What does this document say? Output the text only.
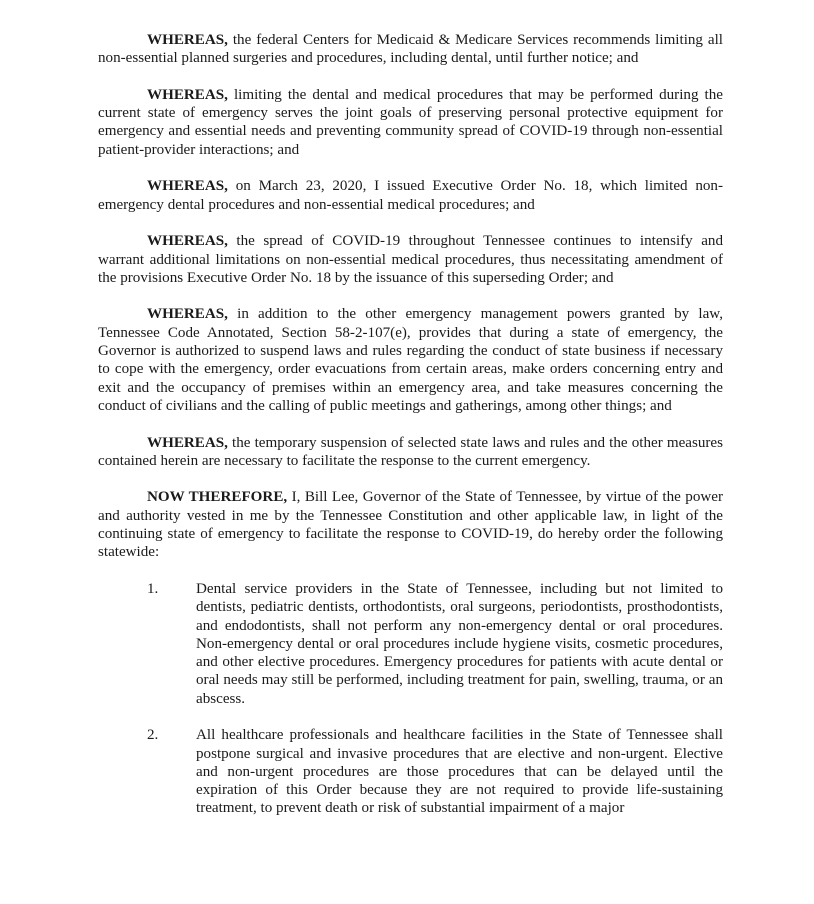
WHEREAS, the federal Centers for Medicaid & Medicare Services recommends limiting all non-essential planned surgeries and procedures, including dental, until further notice; and

WHEREAS, limiting the dental and medical procedures that may be performed during the current state of emergency serves the joint goals of preserving personal protective equipment for emergency and essential needs and preventing community spread of COVID-19 through non-essential patient-provider interactions; and

WHEREAS, on March 23, 2020, I issued Executive Order No. 18, which limited non-emergency dental procedures and non-essential medical procedures; and

WHEREAS, the spread of COVID-19 throughout Tennessee continues to intensify and warrant additional limitations on non-essential medical procedures, thus necessitating amendment of the provisions Executive Order No. 18 by the issuance of this superseding Order; and

WHEREAS, in addition to the other emergency management powers granted by law, Tennessee Code Annotated, Section 58-2-107(e), provides that during a state of emergency, the Governor is authorized to suspend laws and rules regarding the conduct of state business if necessary to cope with the emergency, order evacuations from certain areas, make orders concerning entry and exit and the occupancy of premises within an emergency area, and take measures concerning the conduct of civilians and the calling of public meetings and gatherings, among other things; and

WHEREAS, the temporary suspension of selected state laws and rules and the other measures contained herein are necessary to facilitate the response to the current emergency.

NOW THEREFORE, I, Bill Lee, Governor of the State of Tennessee, by virtue of the power and authority vested in me by the Tennessee Constitution and other applicable law, in light of the continuing state of emergency to facilitate the response to COVID-19, do hereby order the following statewide:

1.	Dental service providers in the State of Tennessee, including but not limited to dentists, pediatric dentists, orthodontists, oral surgeons, periodontists, prosthodontists, and endodontists, shall not perform any non-emergency dental or oral procedures. Non-emergency dental or oral procedures include hygiene visits, cosmetic procedures, and other elective procedures. Emergency procedures for patients with acute dental or oral needs may still be performed, including treatment for pain, swelling, trauma, or an abscess.
2.	All healthcare professionals and healthcare facilities in the State of Tennessee shall postpone surgical and invasive procedures that are elective and non-urgent. Elective and non-urgent procedures are those procedures that can be delayed until the expiration of this Order because they are not required to provide life-sustaining treatment, to prevent death or risk of substantial impairment of a major
